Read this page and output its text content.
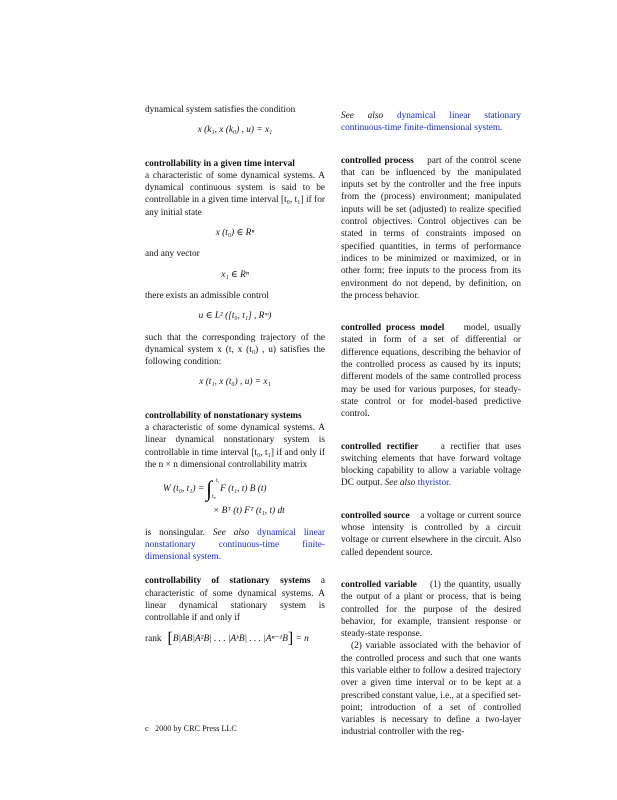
dynamical system satisfies the condition

x (k₁, x (k₀) , u) = x₁

controllability in a given time interval
a characteristic of some dynamical systems. A dynamical continuous system is said to be controllable in a given time interval [t₀, t₁] if for any initial state

x (t₀) ∈ Rⁿ

and any vector

x₁ ∈ Rⁿ

there exists an admissible control

u ∈ L² ([t₀, t₁] , Rᵐ)

such that the corresponding trajectory of the dynamical system x (t, x (t₀) , u) satisfies the following condition:

x (t₁, x (t₀) , u) = x₁

controllability of nonstationary systems
a characteristic of some dynamical systems. A linear dynamical nonstationary system is controllable in time interval [t₀, t₁] if and only if the n × n dimensional controllability matrix

W (t₀, t₁) = ∫ t₁
t₀
F (t₁, t) B (t)
× Bᵀ (t) Fᵀ (t₁, t) dt

is nonsingular. See also dynamical linear nonstationary continuous-time finite-dimensional system.

controllability of stationary systems a characteristic of some dynamical systems. A linear dynamical stationary system is controllable if and only if

rank [B|AB|A²B| . . . |AᵏB| . . . |Aⁿ⁻¹B] = n

See also dynamical linear stationary continuous-time finite-dimensional system.

controlled process part of the control scene that can be influenced by the manipulated inputs set by the controller and the free inputs from the (process) environment; manipulated inputs will be set (adjusted) to realize specified control objectives. Control objectives can be stated in terms of constraints imposed on specified quantities, in terms of performance indices to be minimized or maximized, or in other form; free inputs to the process from its environment do not depend, by definition, on the process behavior.

controlled process model model, usually stated in form of a set of differential or difference equations, describing the behavior of the controlled process as caused by its inputs; different models of the same controlled process may be used for various purposes, for steady-state control or for model-based predictive control.

controlled rectifier a rectifier that uses switching elements that have forward voltage blocking capability to allow a variable voltage DC output. See also thyristor.

controlled source a voltage or current source whose intensity is controlled by a circuit voltage or current elsewhere in the circuit. Also called dependent source.

controlled variable (1) the quantity, usually the output of a plant or process, that is being controlled for the purpose of the desired behavior, for example, transient response or steady-state response.

(2) variable associated with the behavior of the controlled process and such that one wants this variable either to follow a desired trajectory over a given time interval or to be kept at a prescribed constant value, i.e., at a specified set-point; introduction of a set of controlled variables is necessary to define a two-layer industrial controller with the reg-

c⃝2000 by CRC Press LLC
